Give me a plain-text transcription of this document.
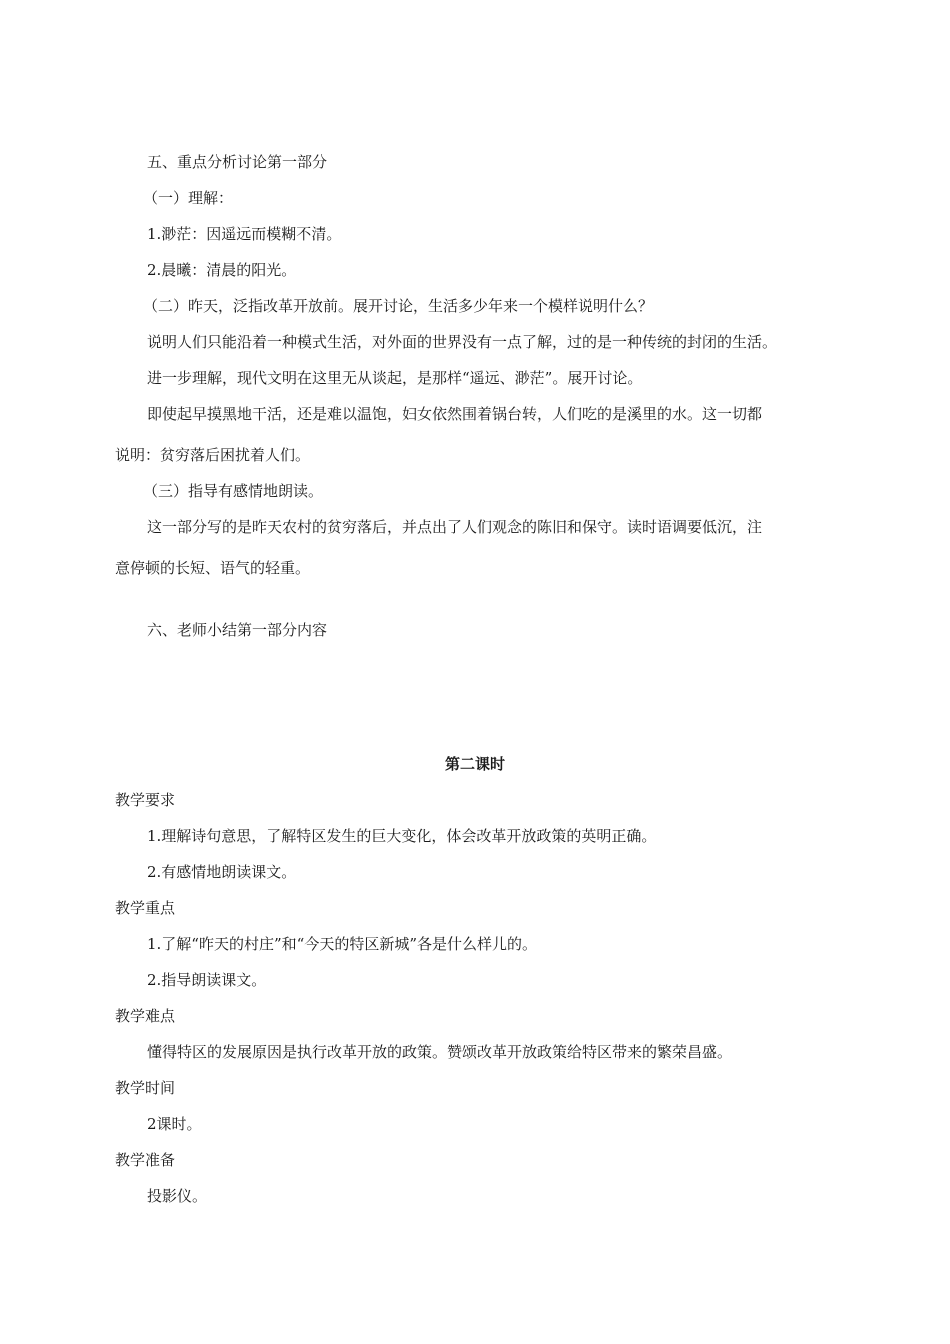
五、重点分析讨论第一部分
（一）理解：
1.渺茫：因遥远而模糊不清。
2.晨曦：清晨的阳光。
（二）昨天，泛指改革开放前。展开讨论，生活多少年来一个模样说明什么？
说明人们只能沿着一种模式生活，对外面的世界没有一点了解，过的是一种传统的封闭的生活。
进一步理解，现代文明在这里无从谈起，是那样“遥远、渺茫”。展开讨论。
即使起早摸黑地干活，还是难以温饱，妇女依然围着锅台转，人们吃的是溪里的水。这一切都
说明：贫穷落后困扰着人们。
（三）指导有感情地朗读。
这一部分写的是昨天农村的贫穷落后，并点出了人们观念的陈旧和保守。读时语调要低沉，注
意停顿的长短、语气的轻重。
六、老师小结第一部分内容
第二课时
教学要求
1.理解诗句意思，了解特区发生的巨大变化，体会改革开放政策的英明正确。
2.有感情地朗读课文。
教学重点
1.了解“昨天的村庄”和“今天的特区新城”各是什么样儿的。
2.指导朗读课文。
教学难点
懂得特区的发展原因是执行改革开放的政策。赞颂改革开放政策给特区带来的繁荣昌盛。
教学时间
2课时。
教学准备
投影仪。
